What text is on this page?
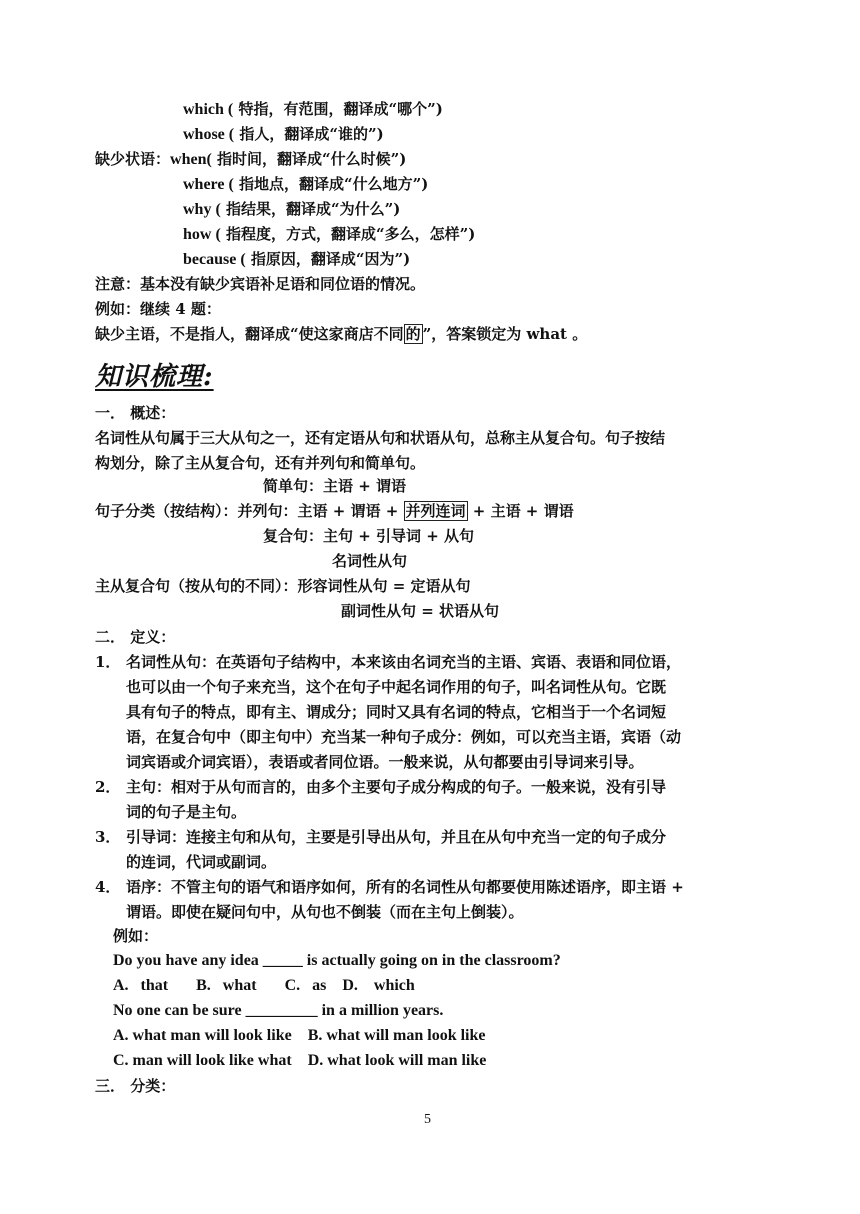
which ( 特指，有范围，翻译成“哪个”)
whose ( 指人，翻译成“谁的”)
缺少状语：when( 指时间，翻译成“什么时候”)
where ( 指地点，翻译成“什么地方”)
why ( 指结果，翻译成“为什么”)
how ( 指程度，方式，翻译成“多么，怎样”)
because ( 指原因，翻译成“因为”)
注意：基本没有缺少宾语补足语和同位语的情况。
例如：继续 4 题：
缺少主语，不是指人，翻译成“使这家商店不同 的 ”，答案锁定为 what 。
知识梳理:
一． 概述：
名词性从句属于三大从句之一，还有定语从句和状语从句，总称主从复合句。句子按结
构划分，除了主从复合句，还有并列句和简单句。
简单句：主语 + 谓语
句子分类（按结构）：并列句：主语 + 谓语 + 并列连词 + 主语 + 谓语
复合句：主句 + 引导词 + 从句
名词性从句
主从复合句（按从句的不同）：形容词性从句 = 定语从句
副词性从句 = 状语从句
二． 定义：
1． 名词性从句：在英语句子结构中，本来该由名词充当的主语、宾语、表语和同位语，
也可以由一个句子来充当，这个在句子中起名词作用的句子，叫名词性从句。它既
具有句子的特点，即有主、谓成分；同时又具有名词的特点，它相当于一个名词短
语，在复合句中（即主句中）充当某一种句子成分：例如，可以充当主语，宾语（动
词宾语或介词宾语），表语或者同位语。一般来说，从句都要由引导词来引导。
2． 主句：相对于从句而言的，由多个主要句子成分构成的句子。一般来说，没有引导
词的句子是主句。
3． 引导词：连接主句和从句，主要是引导出从句，并且在从句中充当一定的句子成分
的连词，代词或副词。
4． 语序：不管主句的语气和语序如何，所有的名词性从句都要使用陈述语序，即主语 +
谓语。即使在疑问句中，从句也不倒装（而在主句上倒装）。
例如：
Do you have any idea _____ is actually going on in the classroom?
A.   that       B.   what       C.   as    D.    which
No one can be sure _________ in a million years.
A. what man will look like    B. what will man look like
C. man will look like what    D. what look will man like
三． 分类：
5
